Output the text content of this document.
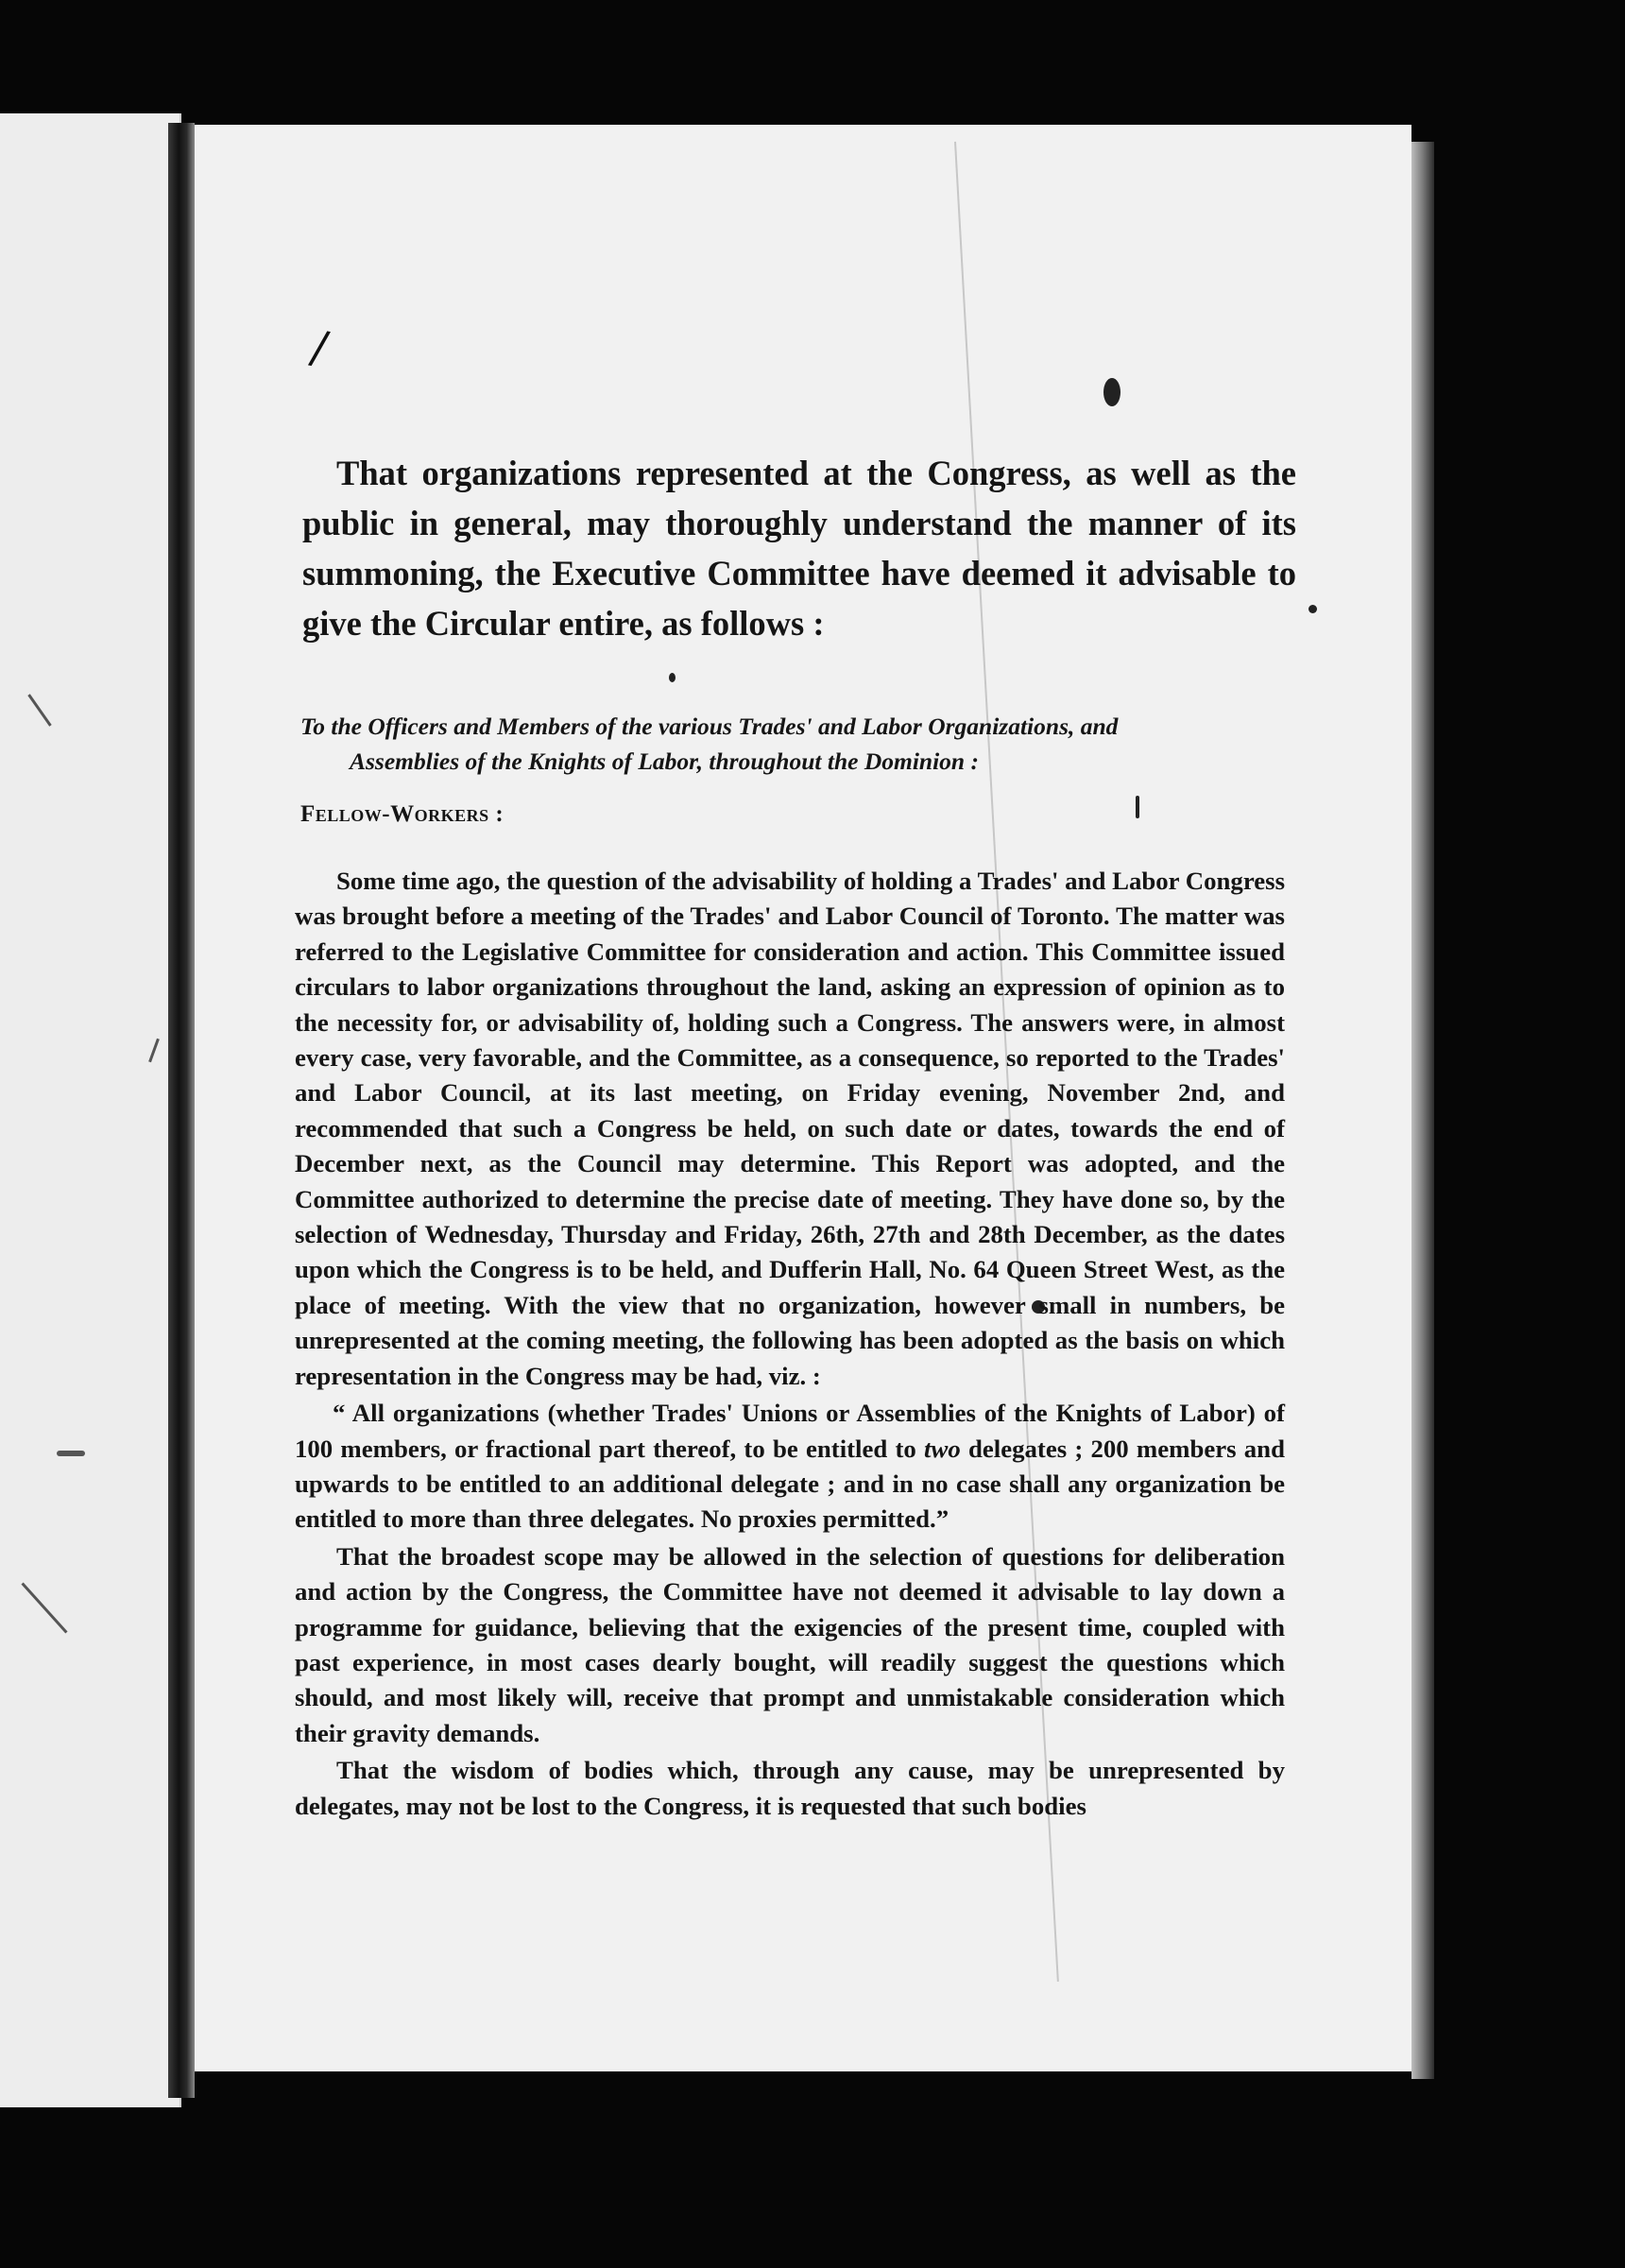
/

That organizations represented at the Congress, as well as the public in general, may thoroughly understand the manner of its summoning, the Executive Committee have deemed it advisable to give the Circular entire, as follows :

To the Officers and Members of the various Trades' and Labor Organizations, and
Assemblies of the Knights of Labor, throughout the Dominion :
Fellow-Workers :

Some time ago, the question of the advisability of holding a Trades' and Labor Congress was brought before a meeting of the Trades' and Labor Council of Toronto. The matter was referred to the Legislative Committee for consideration and action. This Committee issued circulars to labor organizations throughout the land, asking an expression of opinion as to the necessity for, or advisability of, holding such a Congress. The answers were, in almost every case, very favorable, and the Committee, as a consequence, so reported to the Trades' and Labor Council, at its last meeting, on Friday evening, November 2nd, and recommended that such a Congress be held, on such date or dates, towards the end of December next, as the Council may determine. This Report was adopted, and the Committee authorized to determine the precise date of meeting. They have done so, by the selection of Wednesday, Thursday and Friday, 26th, 27th and 28th December, as the dates upon which the Congress is to be held, and Dufferin Hall, No. 64 Queen Street West, as the place of meeting. With the view that no organization, however small in numbers, be unrepresented at the coming meeting, the following has been adopted as the basis on which representation in the Congress may be had, viz. :

“ All organizations (whether Trades' Unions or Assemblies of the Knights of Labor) of 100 members, or fractional part thereof, to be entitled to two delegates ; 200 members and upwards to be entitled to an additional delegate ; and in no case shall any organization be entitled to more than three delegates. No proxies permitted.”

That the broadest scope may be allowed in the selection of questions for deliberation and action by the Congress, the Committee have not deemed it advisable to lay down a programme for guidance, believing that the exigencies of the present time, coupled with past experience, in most cases dearly bought, will readily suggest the questions which should, and most likely will, receive that prompt and unmistakable consideration which their gravity demands.

That the wisdom of bodies which, through any cause, may be unrepresented by delegates, may not be lost to the Congress, it is requested that such bodies
